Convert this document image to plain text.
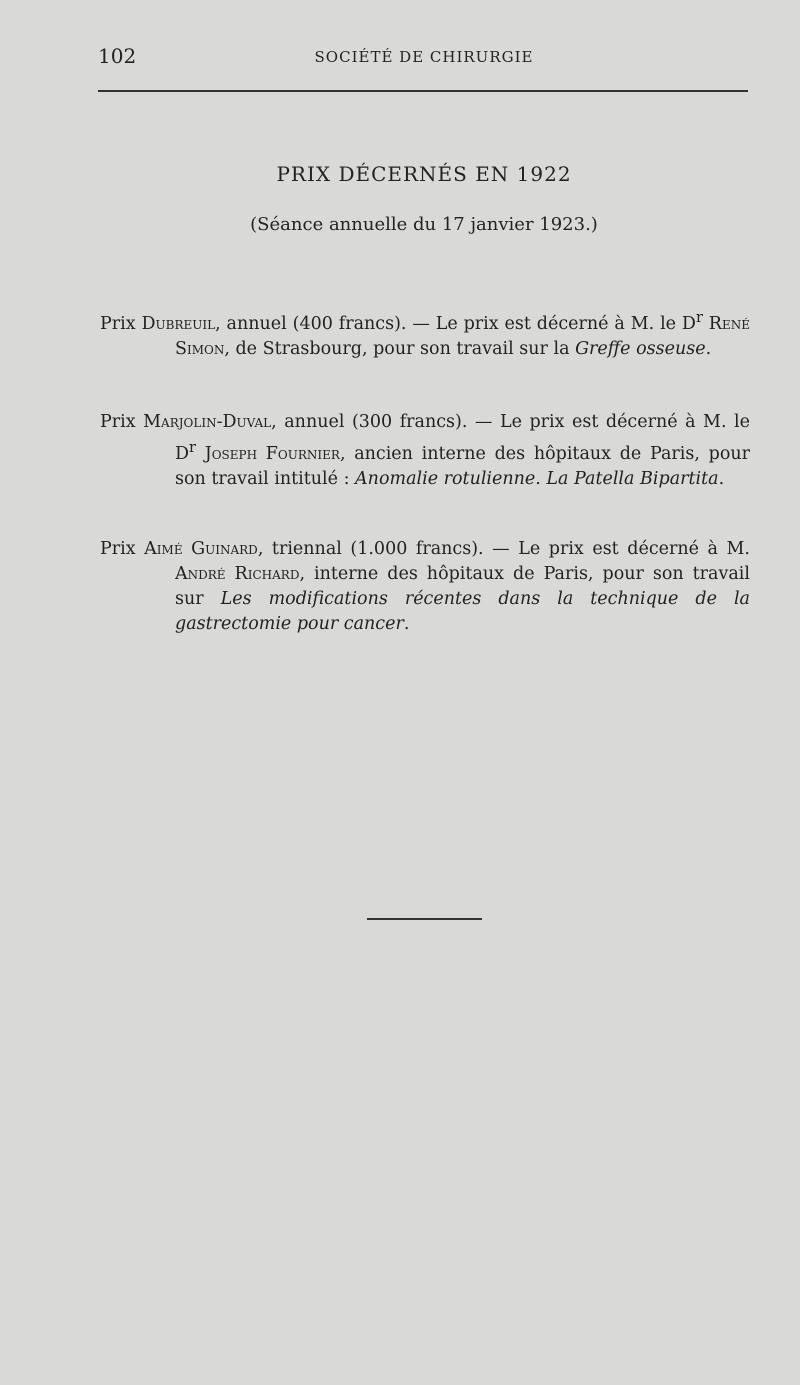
102	SOCIÉTÉ DE CHIRURGIE
PRIX DÉCERNÉS EN 1922
(Séance annuelle du 17 janvier 1923.)
Prix Dubreuil, annuel (400 francs). — Le prix est décerné à M. le $D^r$ René Simon, de Strasbourg, pour son travail sur la Greffe osseuse.
Prix Marjolin-Duval, annuel (300 francs). — Le prix est décerné à M. le $D^r$ Joseph Fournier, ancien interne des hôpitaux de Paris, pour son travail intitulé : Anomalie rotulienne. La Patella Bipartita.
Prix Aimé Guinard, triennal (1.000 francs). — Le prix est décerné à M. André Richard, interne des hôpitaux de Paris, pour son travail sur Les modifications récentes dans la technique de la gastrectomie pour cancer.
